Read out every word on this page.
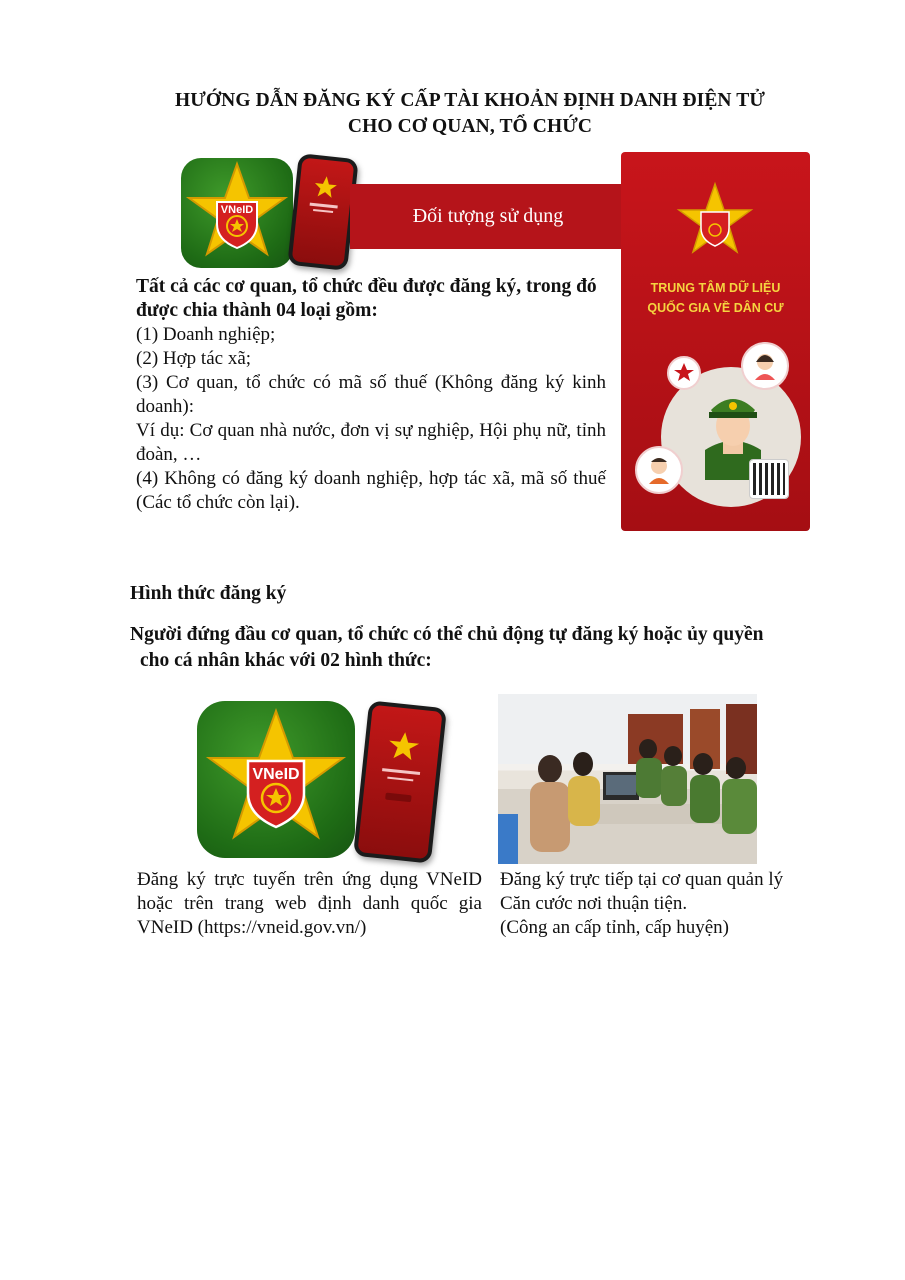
HƯỚNG DẪN ĐĂNG KÝ CẤP TÀI KHOẢN ĐỊNH DANH ĐIỆN TỬ
CHO CƠ QUAN, TỔ CHỨC
VNeID	Đối tượng sử dụng
TRUNG TÂM DỮ LIỆU
QUỐC GIA VỀ DÂN CƯ
Tất cả các cơ quan, tổ chức đều được đăng ký, trong đó được chia thành 04 loại gồm:
(1) Doanh nghiệp;
(2) Hợp tác xã;
(3) Cơ quan, tổ chức có mã số thuế (Không đăng ký kinh doanh):
Ví dụ: Cơ quan nhà nước, đơn vị sự nghiệp, Hội phụ nữ, tỉnh đoàn, …
(4) Không có đăng ký doanh nghiệp, hợp tác xã, mã số thuế (Các tổ chức còn lại).
Hình thức đăng ký
Người đứng đầu cơ quan, tổ chức có thể chủ động tự đăng ký hoặc ủy quyền
cho cá nhân khác với 02 hình thức:
VNeID
Đăng ký trực tuyến trên ứng dụng VNeID hoặc trên trang web định danh quốc gia VNeID (https://vneid.gov.vn/)
Đăng ký trực tiếp tại cơ quan quản lý Căn cước nơi thuận tiện.
(Công an cấp tỉnh, cấp huyện)
